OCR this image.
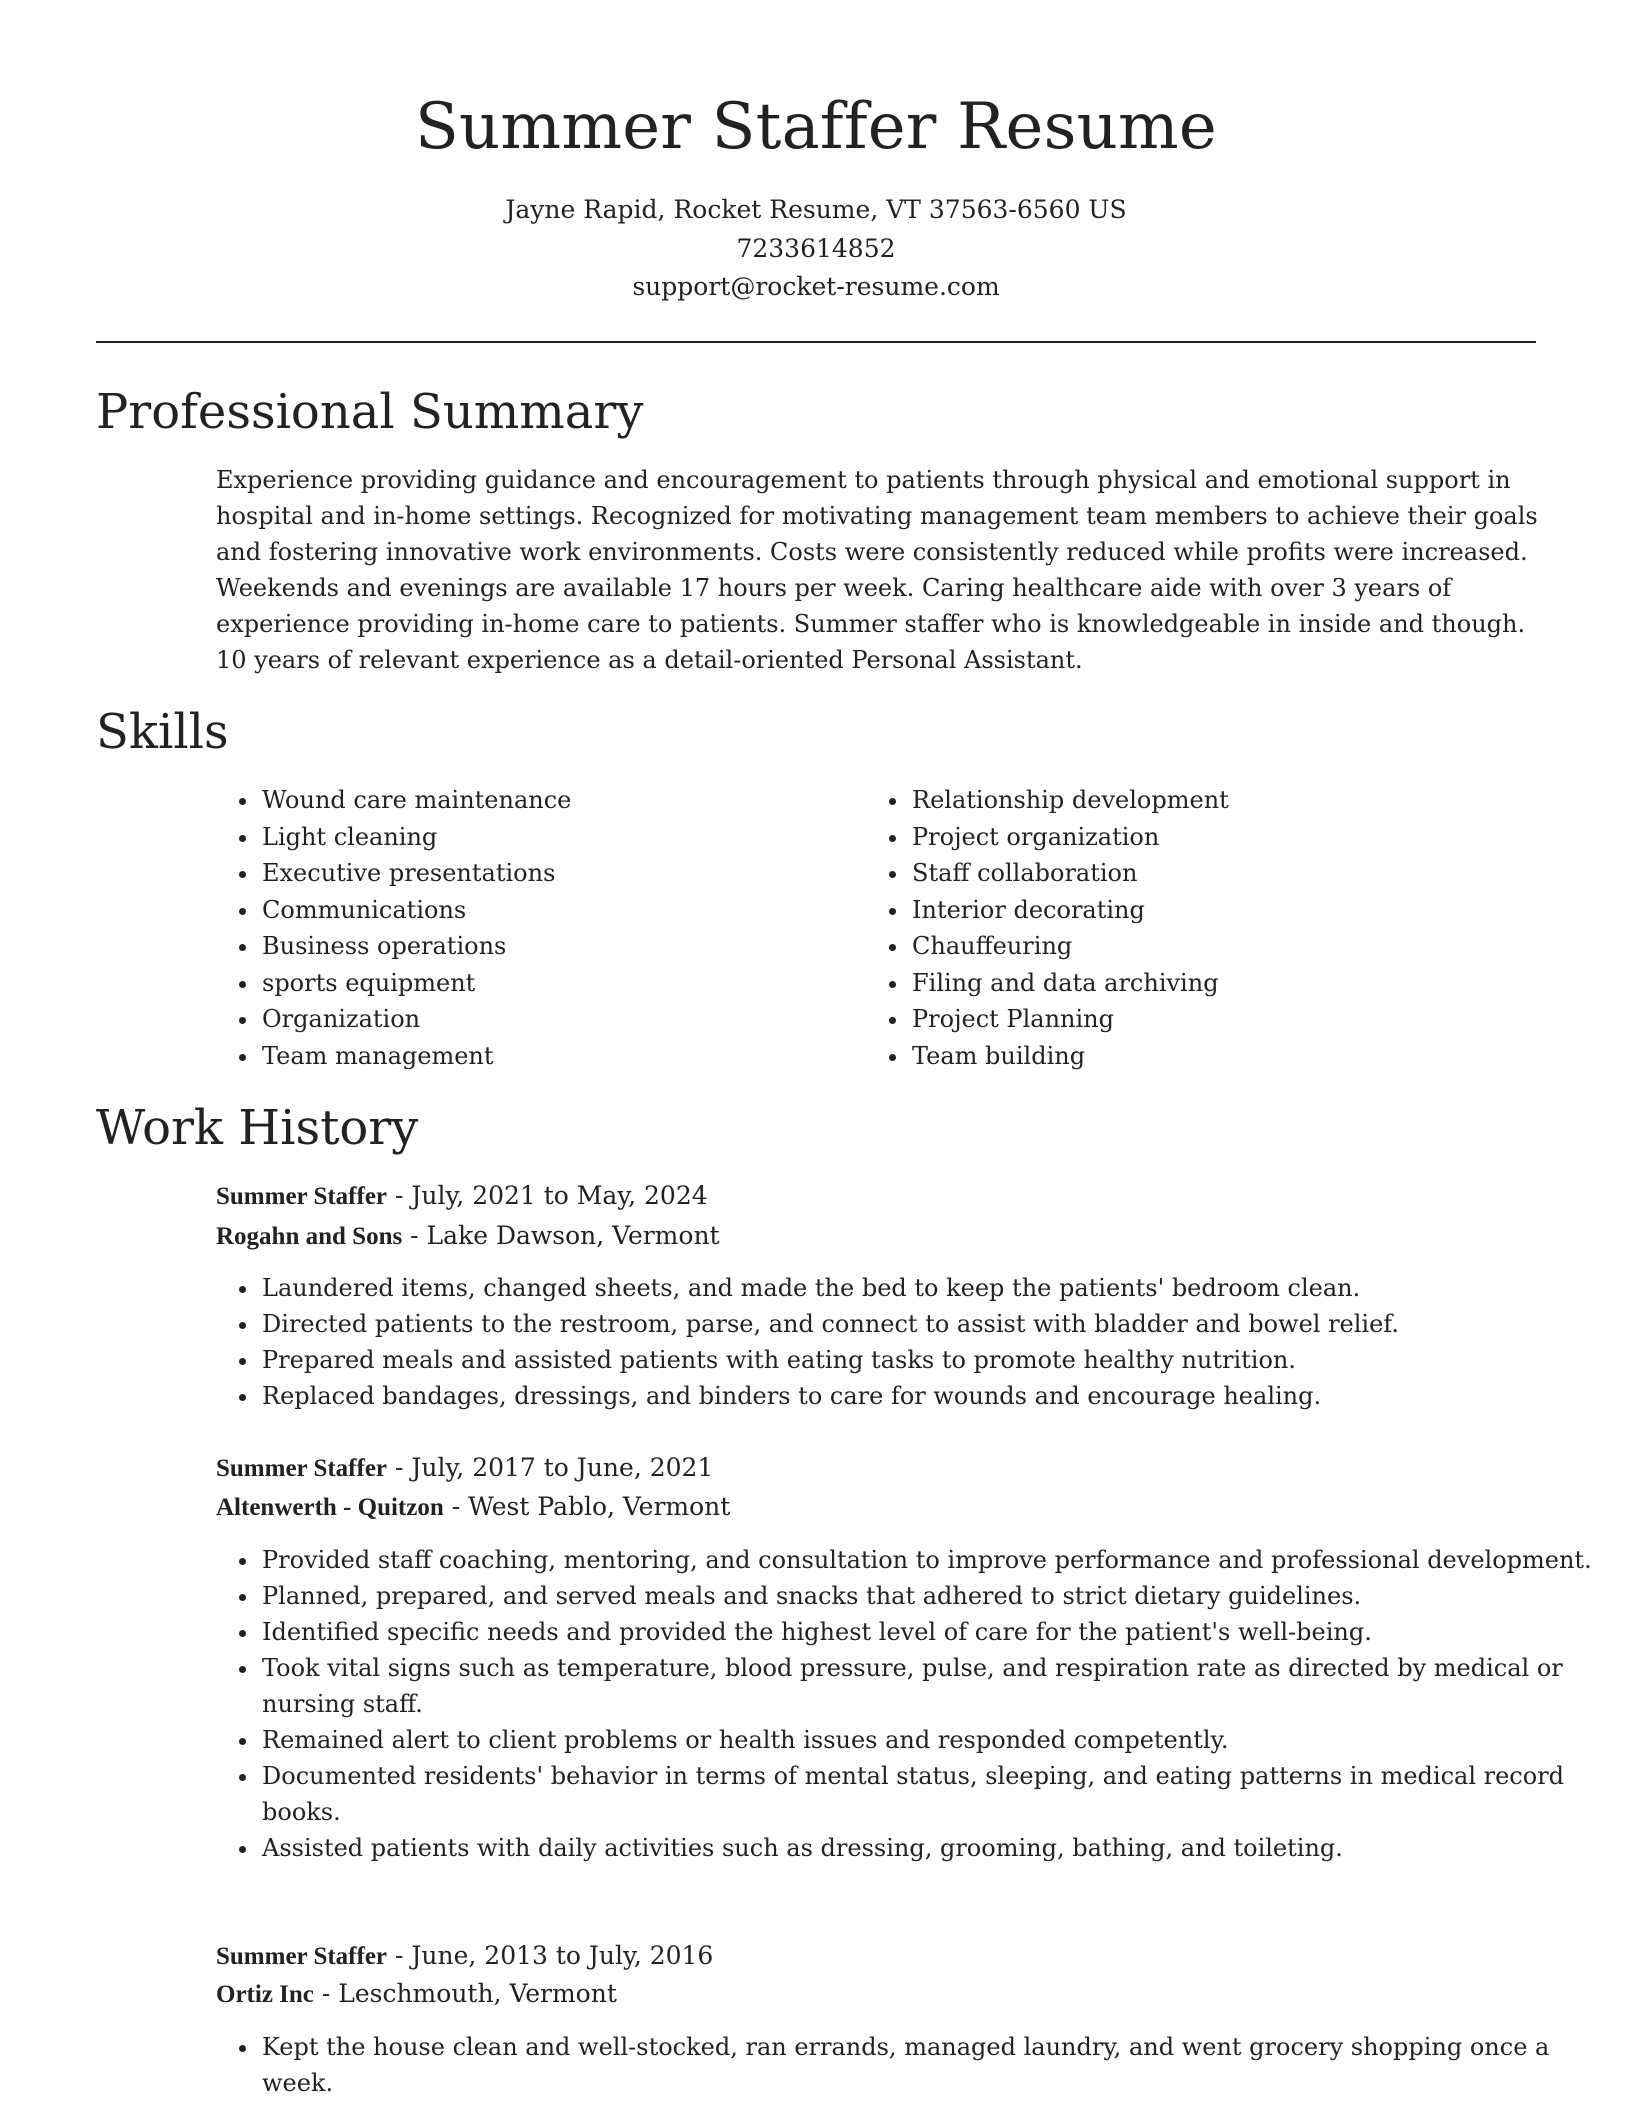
Summer Staffer Resume
Jayne Rapid, Rocket Resume, VT 37563-6560 US
7233614852
support@rocket-resume.com
Professional Summary

Experience providing guidance and encouragement to patients through physical and emotional support in hospital and in-home settings. Recognized for motivating management team members to achieve their goals and fostering innovative work environments. Costs were consistently reduced while profits were increased. Weekends and evenings are available 17 hours per week. Caring healthcare aide with over 3 years of experience providing in-home care to patients. Summer staffer who is knowledgeable in inside and though. 10 years of relevant experience as a detail-oriented Personal Assistant.

Skills
• Wound care maintenance
• Light cleaning
• Executive presentations
• Communications
• Business operations
• sports equipment
• Organization
• Team management
• Relationship development
• Project organization
• Staff collaboration
• Interior decorating
• Chauffeuring
• Filing and data archiving
• Project Planning
• Team building
Work History
Summer Staffer - July, 2021 to May, 2024
Rogahn and Sons - Lake Dawson, Vermont
• Laundered items, changed sheets, and made the bed to keep the patients' bedroom clean.
• Directed patients to the restroom, parse, and connect to assist with bladder and bowel relief.
• Prepared meals and assisted patients with eating tasks to promote healthy nutrition.
• Replaced bandages, dressings, and binders to care for wounds and encourage healing.
Summer Staffer - July, 2017 to June, 2021
Altenwerth - Quitzon - West Pablo, Vermont
• Provided staff coaching, mentoring, and consultation to improve performance and professional development.
• Planned, prepared, and served meals and snacks that adhered to strict dietary guidelines.
• Identified specific needs and provided the highest level of care for the patient's well-being.
• Took vital signs such as temperature, blood pressure, pulse, and respiration rate as directed by medical or nursing staff.
• Remained alert to client problems or health issues and responded competently.
• Documented residents' behavior in terms of mental status, sleeping, and eating patterns in medical record books.
• Assisted patients with daily activities such as dressing, grooming, bathing, and toileting.
Summer Staffer - June, 2013 to July, 2016
Ortiz Inc - Leschmouth, Vermont
• Kept the house clean and well-stocked, ran errands, managed laundry, and went grocery shopping once a week.
